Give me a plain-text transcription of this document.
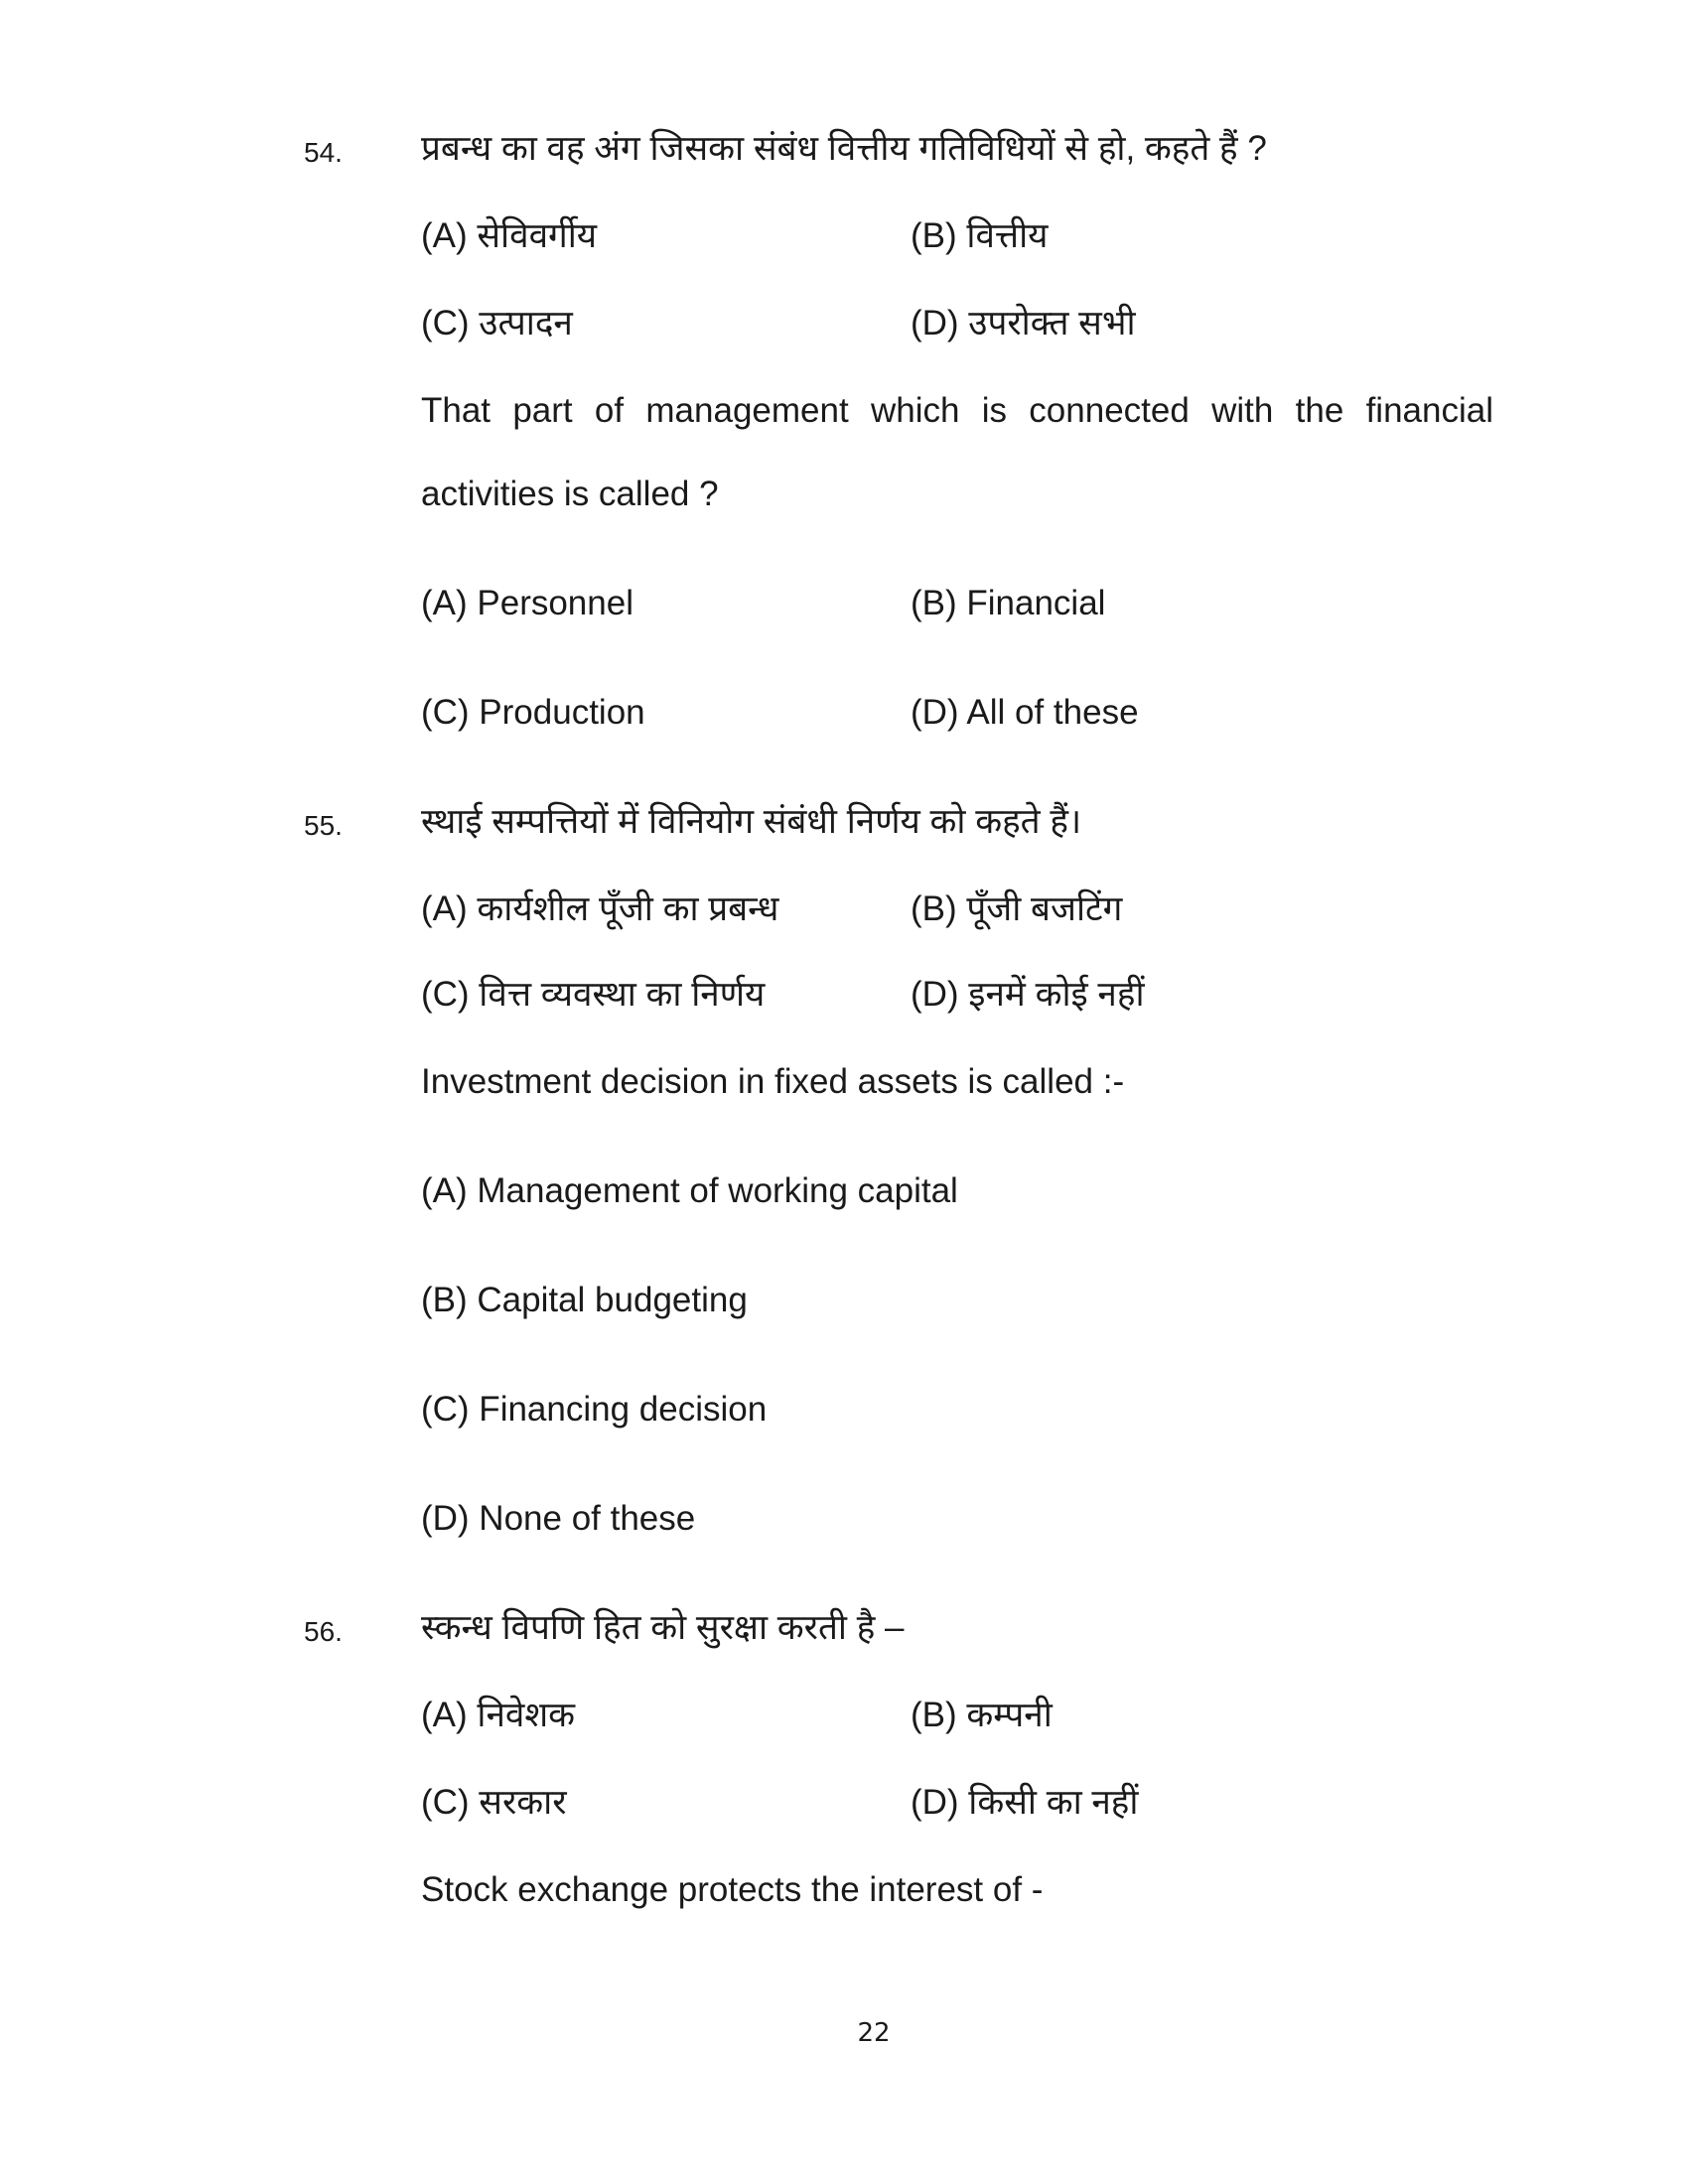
54. प्रबन्ध का वह अंग जिसका संबंध वित्तीय गतिविधियों से हो, कहते हैं ?
(A) सेविवर्गीय	(B) वित्तीय
(C) उत्पादन	(D) उपरोक्त सभी
That part of management which is connected with the financial
activities is called ?
(A) Personnel	(B) Financial
(C) Production	(D) All of these
55. स्थाई सम्पत्तियों में विनियोग संबंधी निर्णय को कहते हैं।
(A) कार्यशील पूँजी का प्रबन्ध	(B) पूँजी बजटिंग
(C) वित्त व्यवस्था का निर्णय	(D) इनमें कोई नहीं
Investment decision in fixed assets is called :-
(A) Management of working capital
(B) Capital budgeting
(C) Financing decision
(D) None of these
56. स्कन्ध विपणि हित को सुरक्षा करती है –
(A) निवेशक	(B) कम्पनी
(C) सरकार	(D) किसी का नहीं
Stock exchange protects the interest of -
22
